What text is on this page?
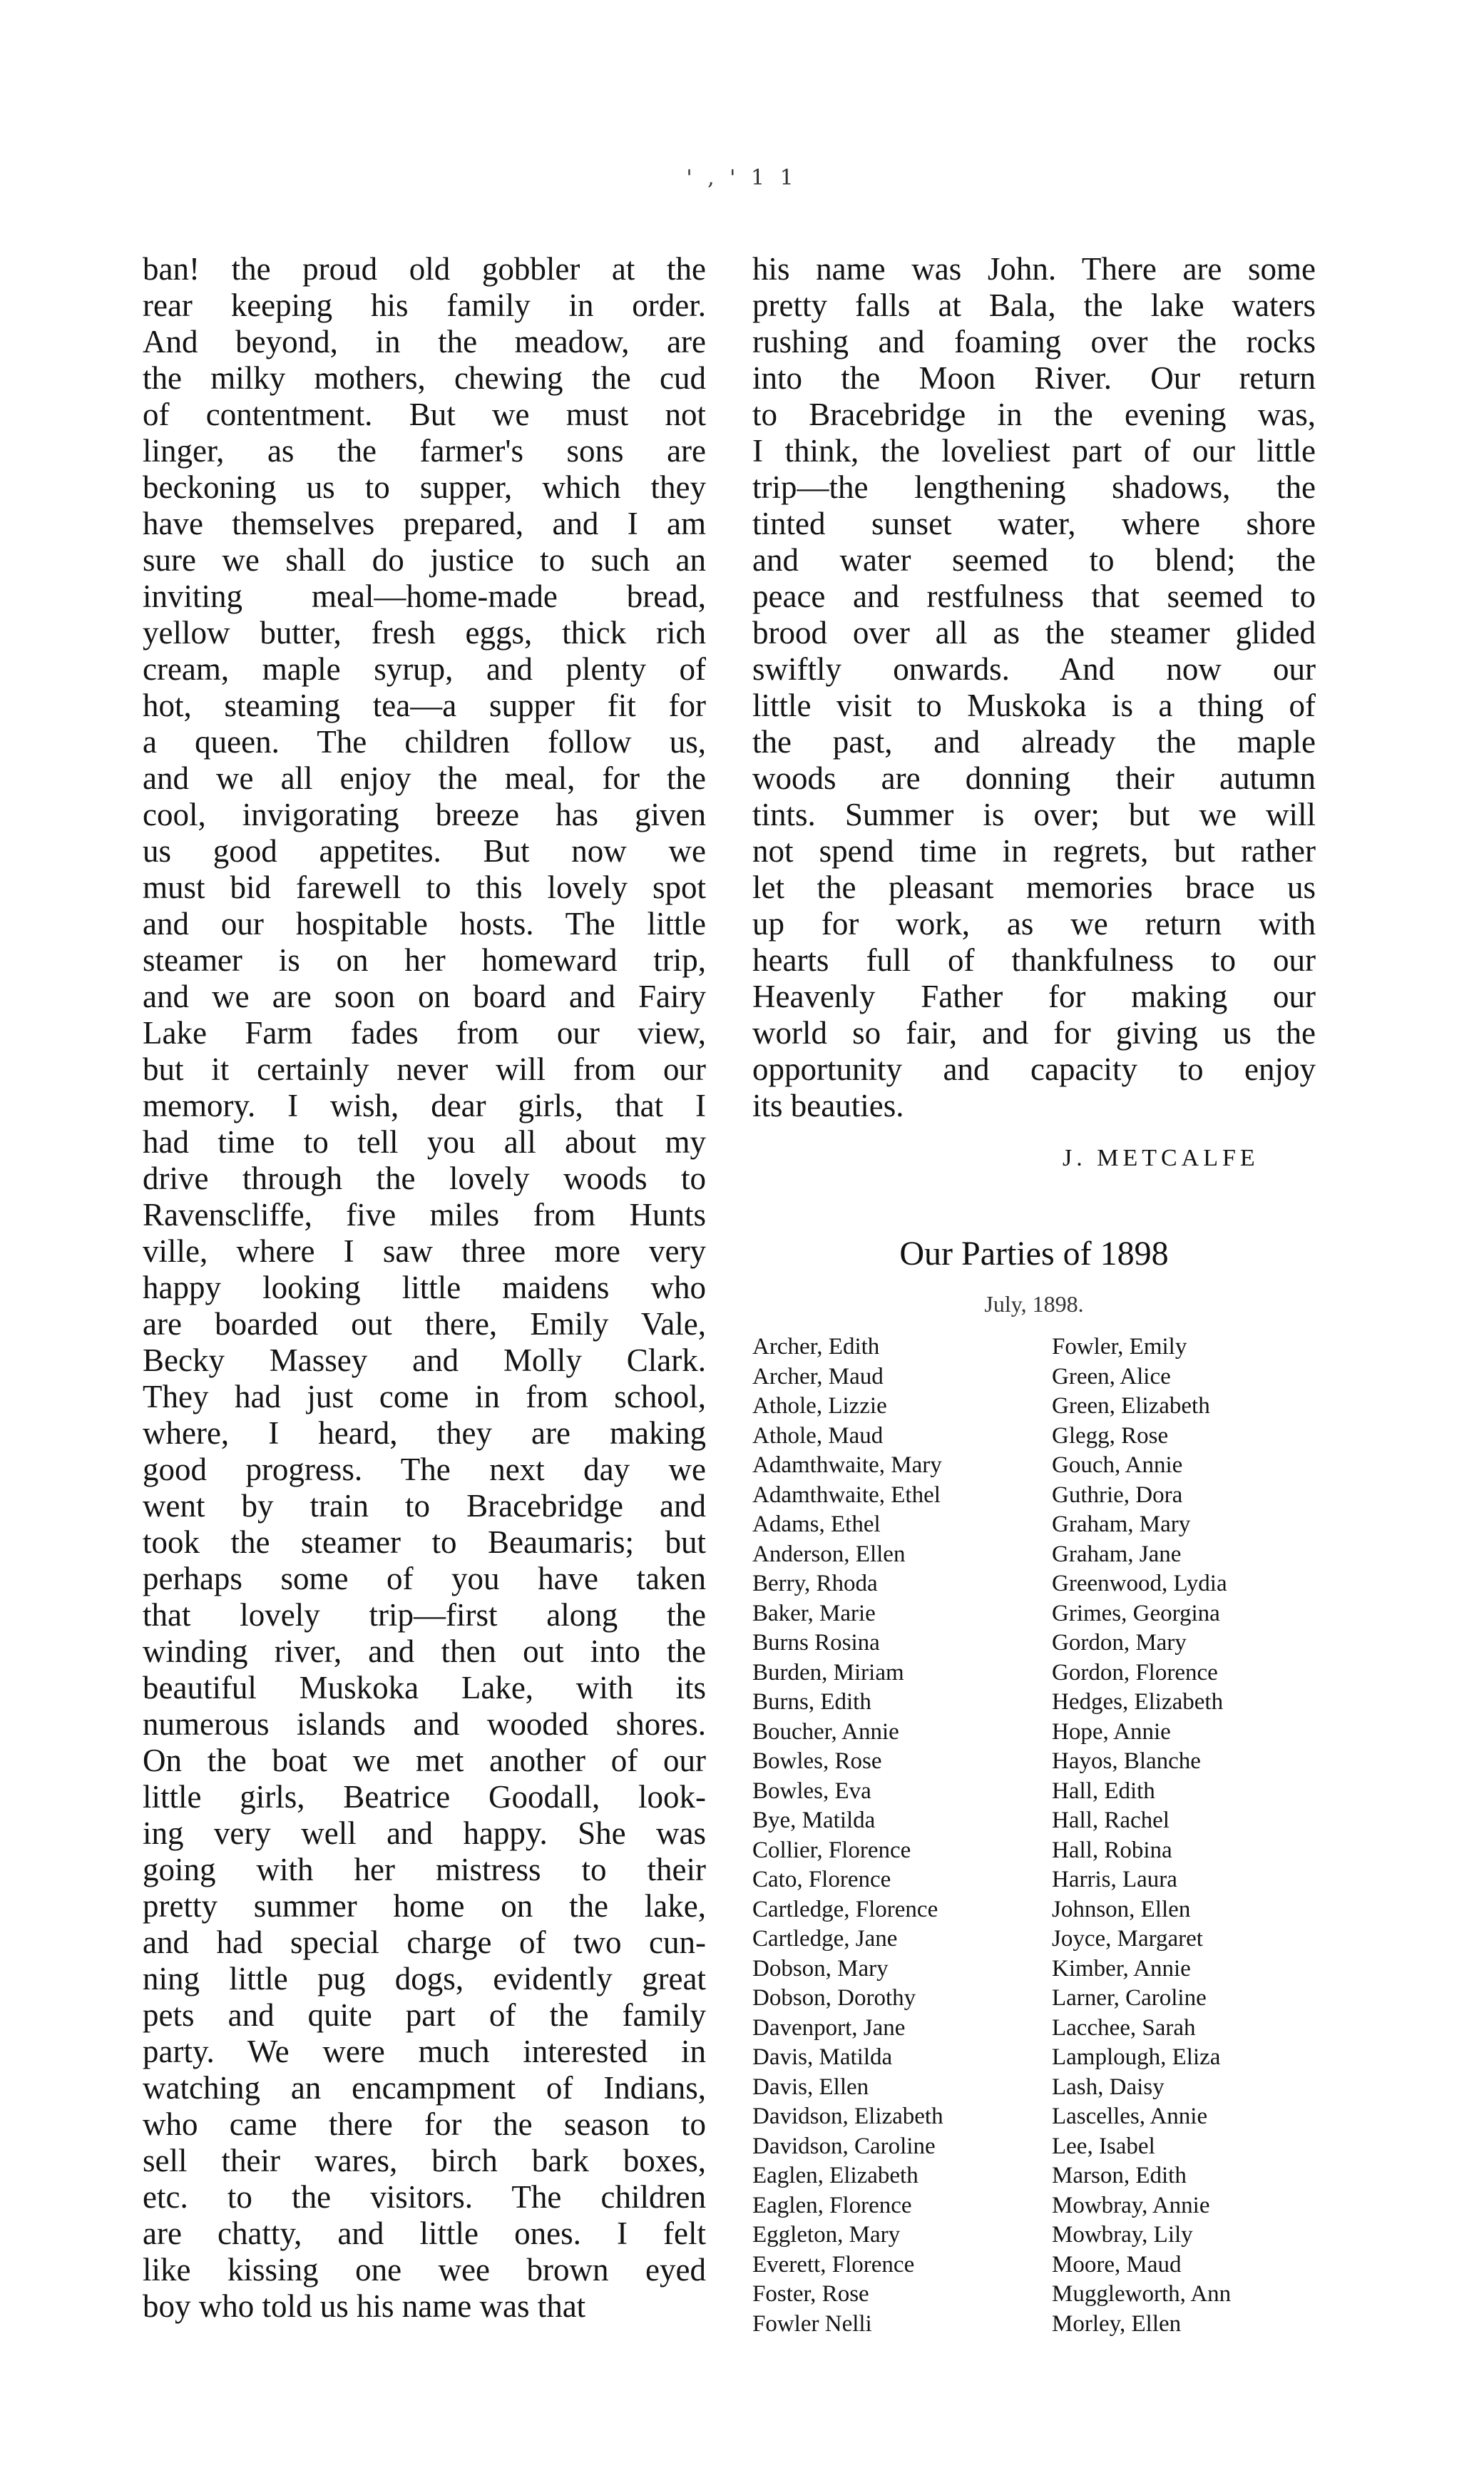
' , ' 1 1
ban! the proud old gobbler at the
rear keeping his family in order.
And beyond, in the meadow, are
the milky mothers, chewing the cud
of contentment. But we must not
linger, as the farmer's sons are
beckoning us to supper, which they
have themselves prepared, and I am
sure we shall do justice to such an
inviting meal—home-made bread,
yellow butter, fresh eggs, thick rich
cream, maple syrup, and plenty of
hot, steaming tea—a supper fit for
a queen. The children follow us,
and we all enjoy the meal, for the
cool, invigorating breeze has given
us good appetites. But now we
must bid farewell to this lovely spot
and our hospitable hosts. The little
steamer is on her homeward trip,
and we are soon on board and Fairy
Lake Farm fades from our view,
but it certainly never will from our
memory. I wish, dear girls, that I
had time to tell you all about my
drive through the lovely woods to
Ravenscliffe, five miles from Hunts
ville, where I saw three more very
happy looking little maidens who
are boarded out there, Emily Vale,
Becky Massey and Molly Clark.
They had just come in from school,
where, I heard, they are making
good progress. The next day we
went by train to Bracebridge and
took the steamer to Beaumaris; but
perhaps some of you have taken
that lovely trip—first along the
winding river, and then out into the
beautiful Muskoka Lake, with its
numerous islands and wooded shores.
On the boat we met another of our
little girls, Beatrice Goodall, look-
ing very well and happy. She was
going with her mistress to their
pretty summer home on the lake,
and had special charge of two cun-
ning little pug dogs, evidently great
pets and quite part of the family
party. We were much interested in
watching an encampment of Indians,
who came there for the season to
sell their wares, birch bark boxes,
etc. to the visitors. The children
are chatty, and little ones. I felt
like kissing one wee brown eyed
boy who told us his name was that
his name was John. There are some
pretty falls at Bala, the lake waters
rushing and foaming over the rocks
into the Moon River. Our return
to Bracebridge in the evening was,
I think, the loveliest part of our little
trip—the lengthening shadows, the
tinted sunset water, where shore
and water seemed to blend; the
peace and restfulness that seemed to
brood over all as the steamer glided
swiftly onwards. And now our
little visit to Muskoka is a thing of
the past, and already the maple
woods are donning their autumn
tints. Summer is over; but we will
not spend time in regrets, but rather
let the pleasant memories brace us
up for work, as we return with
hearts full of thankfulness to our
Heavenly Father for making our
world so fair, and for giving us the
opportunity and capacity to enjoy
its beauties.
J. METCALFE
Our Parties of 1898
July, 1898.
Archer, Edith
Archer, Maud
Athole, Lizzie
Athole, Maud
Adamthwaite, Mary
Adamthwaite, Ethel
Adams, Ethel
Anderson, Ellen
Berry, Rhoda
Baker, Marie
Burns Rosina
Burden, Miriam
Burns, Edith
Boucher, Annie
Bowles, Rose
Bowles, Eva
Bye, Matilda
Collier, Florence
Cato, Florence
Cartledge, Florence
Cartledge, Jane
Dobson, Mary
Dobson, Dorothy
Davenport, Jane
Davis, Matilda
Davis, Ellen
Davidson, Elizabeth
Davidson, Caroline
Eaglen, Elizabeth
Eaglen, Florence
Eggleton, Mary
Everett, Florence
Foster, Rose
Fowler Nelli
Fowler, Emily
Green, Alice
Green, Elizabeth
Glegg, Rose
Gouch, Annie
Guthrie, Dora
Graham, Mary
Graham, Jane
Greenwood, Lydia
Grimes, Georgina
Gordon, Mary
Gordon, Florence
Hedges, Elizabeth
Hope, Annie
Hayos, Blanche
Hall, Edith
Hall, Rachel
Hall, Robina
Harris, Laura
Johnson, Ellen
Joyce, Margaret
Kimber, Annie
Larner, Caroline
Lacchee, Sarah
Lamplough, Eliza
Lash, Daisy
Lascelles, Annie
Lee, Isabel
Marson, Edith
Mowbray, Annie
Mowbray, Lily
Moore, Maud
Muggleworth, Ann
Morley, Ellen
